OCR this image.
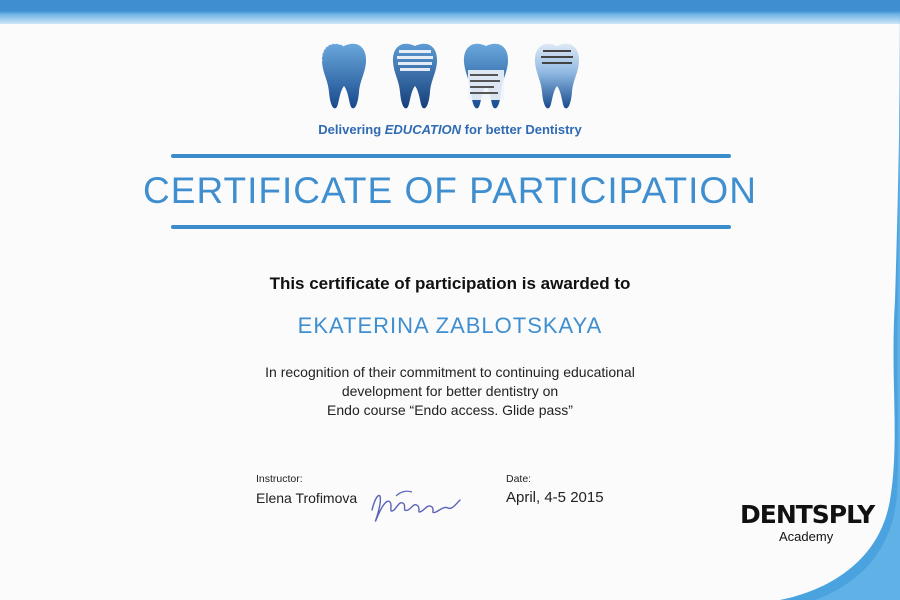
Delivering EDUCATION for better Dentistry
CERTIFICATE OF PARTICIPATION
This certificate of participation is awarded to
EKATERINA ZABLOTSKAYA
In recognition of their commitment to continuing educational
development for better dentistry on
Endo course “Endo access. Glide pass”
Instructor:
Elena Trofimova
Date:
April, 4-5 2015
DENTSPLY
Academy
